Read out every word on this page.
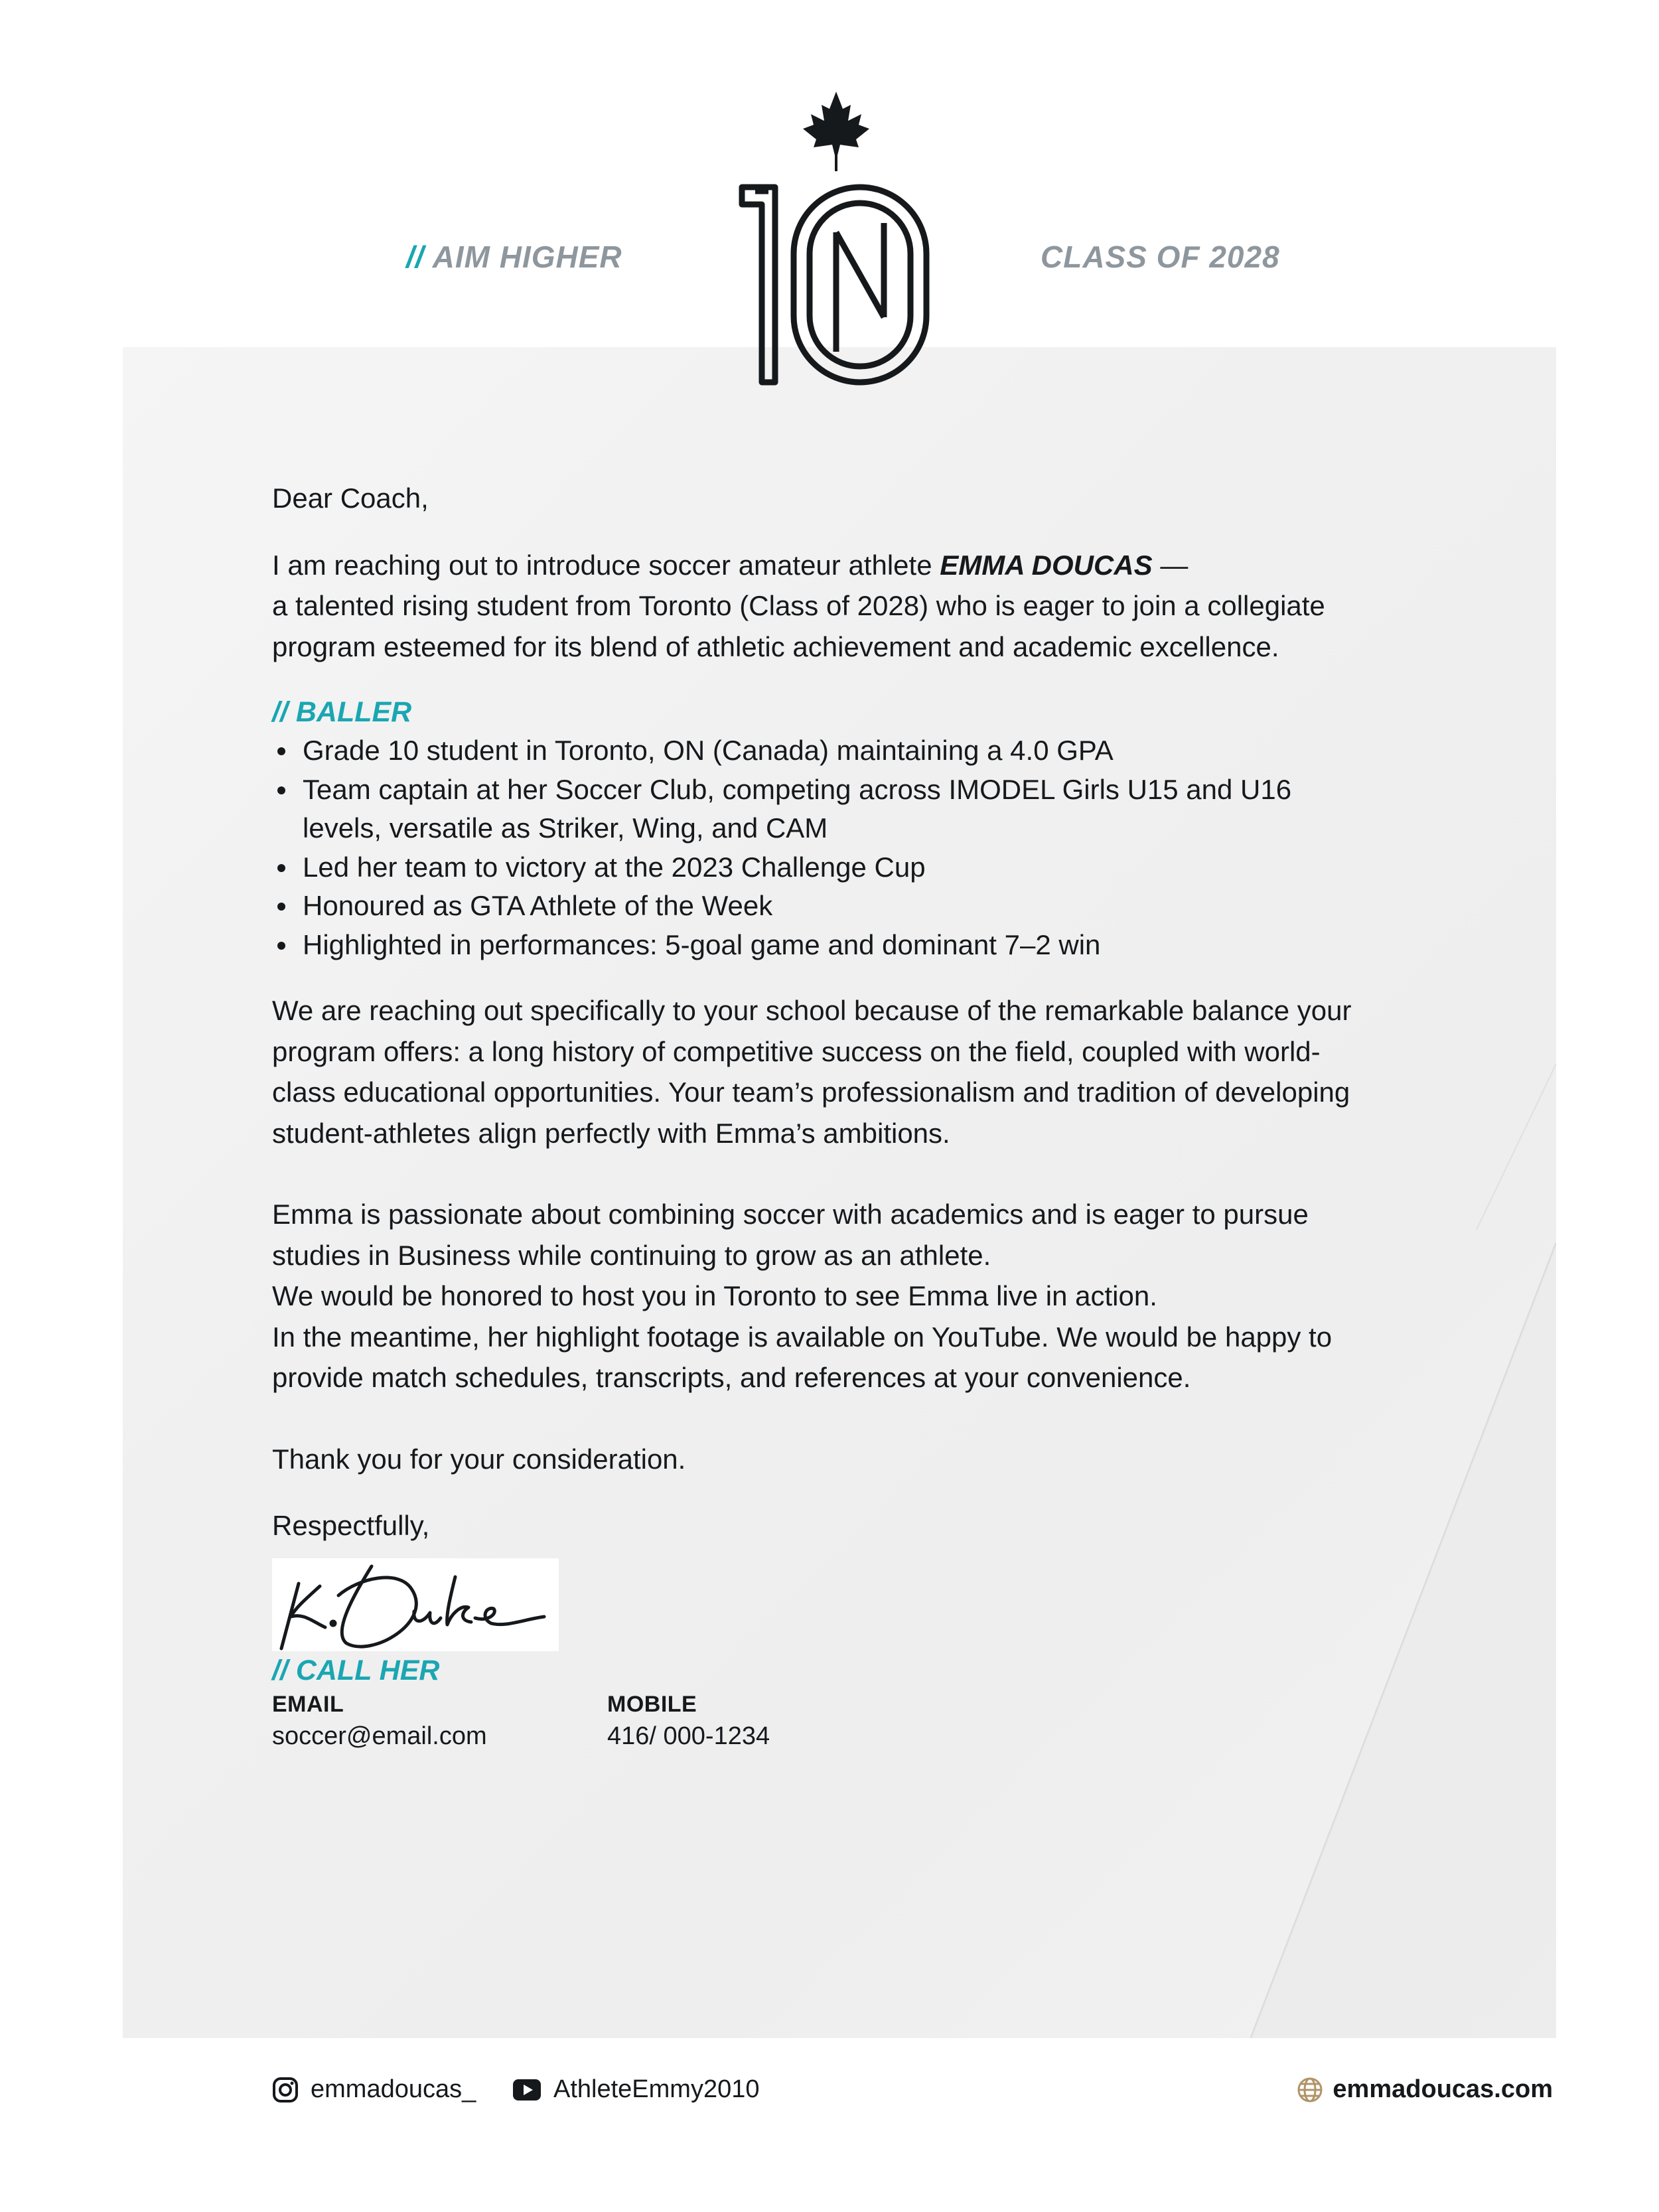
// AIM HIGHER	CLASS OF 2028

Dear Coach,

I am reaching out to introduce soccer amateur athlete EMMA DOUCAS —
a talented rising student from Toronto (Class of 2028) who is eager to join a collegiate program esteemed for its blend of athletic achievement and academic excellence.

// BALLER

Grade 10 student in Toronto, ON (Canada) maintaining a 4.0 GPA
Team captain at her Soccer Club, competing across IMODEL Girls U15 and U16 levels, versatile as Striker, Wing, and CAM
Led her team to victory at the 2023 Challenge Cup
Honoured as GTA Athlete of the Week
Highlighted in performances: 5-goal game and dominant 7–2 win

We are reaching out specifically to your school because of the remarkable balance your program offers: a long history of competitive success on the field, coupled with world-class educational opportunities. Your team’s professionalism and tradition of developing student-athletes align perfectly with Emma’s ambitions.

Emma is passionate about combining soccer with academics and is eager to pursue studies in Business while continuing to grow as an athlete.

We would be honored to host you in Toronto to see Emma live in action.

In the meantime, her highlight footage is available on YouTube. We would be happy to provide match schedules, transcripts, and references at your convenience.

Thank you for your consideration.

Respectfully,

// CALL HER

EMAIL
soccer@email.com
MOBILE
416/ 000-1234
emmadoucas_	AthleteEmmy2010	emmadoucas.com
